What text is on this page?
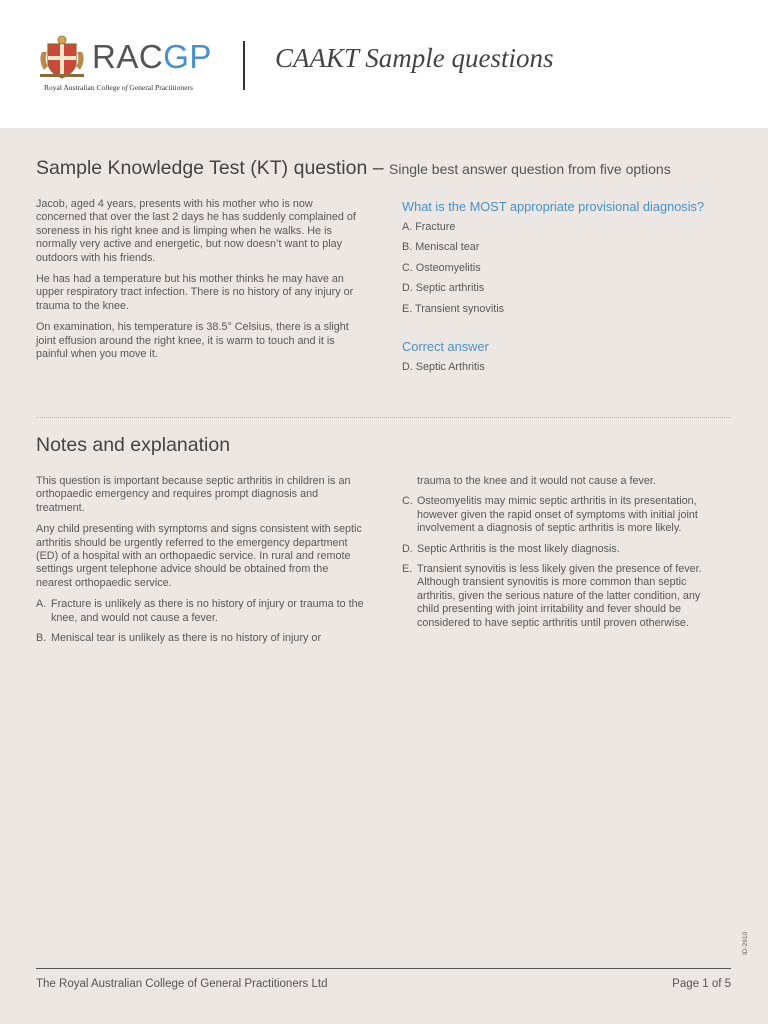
RACGP
Royal Australian College of General Practitioners
CAAKT Sample questions
Sample Knowledge Test (KT) question – Single best answer question from five options

Jacob, aged 4 years, presents with his mother who is now concerned that over the last 2 days he has suddenly complained of soreness in his right knee and is limping when he walks. He is normally very active and energetic, but now doesn’t want to play outdoors with his friends.

He has had a temperature but his mother thinks he may have an upper respiratory tract infection. There is no history of any injury or trauma to the knee.

On examination, his temperature is 38.5° Celsius, there is a slight joint effusion around the right knee, it is warm to touch and it is painful when you move it.

What is the MOST appropriate provisional diagnosis?
A. Fracture
B. Meniscal tear
C. Osteomyelitis
D. Septic arthritis
E. Transient synovitis
Correct answer
D. Septic Arthritis
Notes and explanation

This question is important because septic arthritis in children is an orthopaedic emergency and requires prompt diagnosis and treatment.

Any child presenting with symptoms and signs consistent with septic arthritis should be urgently referred to the emergency department (ED) of a hospital with an orthopaedic service. In rural and remote settings urgent telephone advice should be obtained from the nearest orthopaedic service.

A. Fracture is unlikely as there is no history of injury or trauma to the knee, and would not cause a fever.
B. Meniscal tear is unlikely as there is no history of injury or
trauma to the knee and it would not cause a fever.
C. Osteomyelitis may mimic septic arthritis in its presentation, however given the rapid onset of symptoms with initial joint involvement a diagnosis of septic arthritis is more likely.
D. Septic Arthritis is the most likely diagnosis.
E. Transient synovitis is less likely given the presence of fever. Although transient synovitis is more common than septic arthritis, given the serious nature of the latter condition, any child presenting with joint irritability and fever should be considered to have septic arthritis until proven otherwise.
ID-2910
The Royal Australian College of General Practitioners Ltd	Page 1 of 5
